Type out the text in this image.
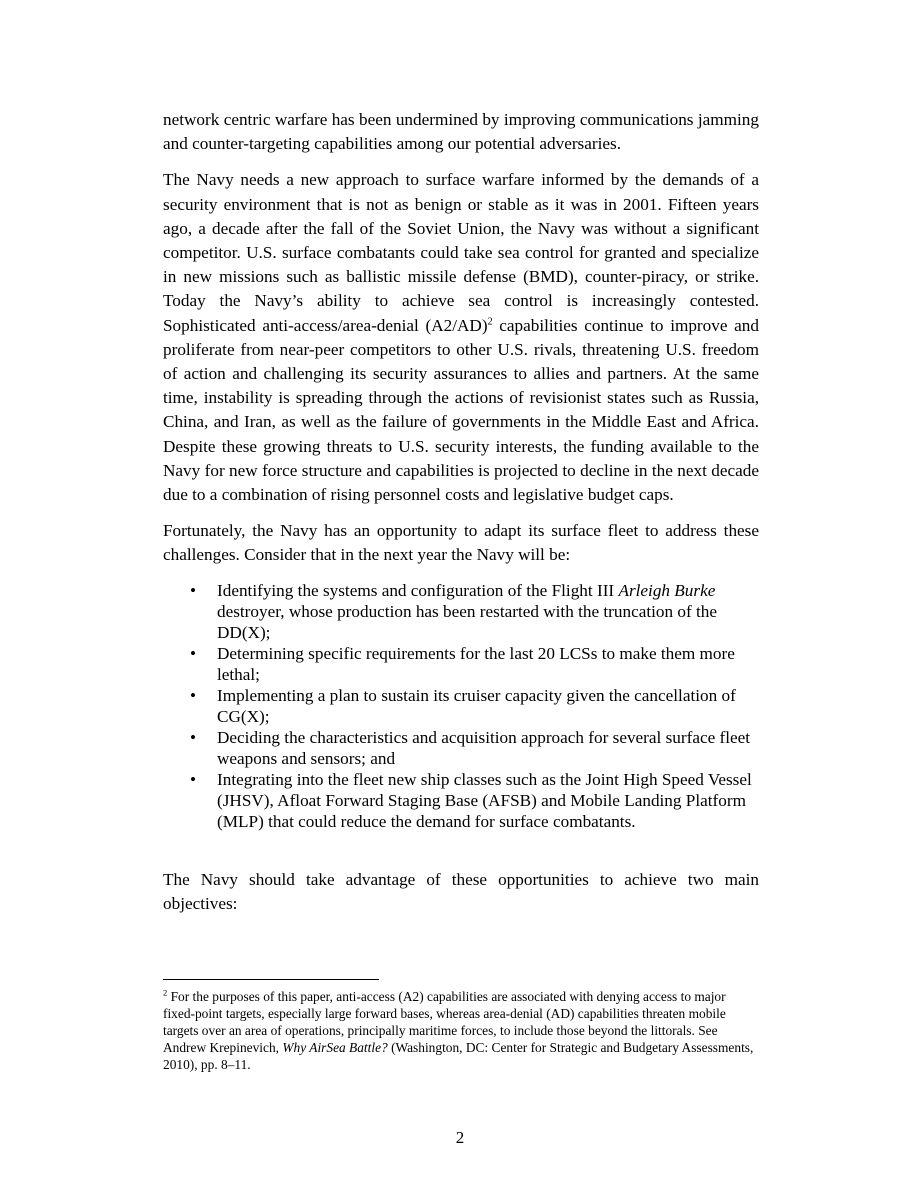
network centric warfare has been undermined by improving communications jamming and counter-targeting capabilities among our potential adversaries.

The Navy needs a new approach to surface warfare informed by the demands of a security environment that is not as benign or stable as it was in 2001. Fifteen years ago, a decade after the fall of the Soviet Union, the Navy was without a significant competitor. U.S. surface combatants could take sea control for granted and specialize in new missions such as ballistic missile defense (BMD), counter-piracy, or strike. Today the Navy’s ability to achieve sea control is increasingly contested. Sophisticated anti-access/area-denial $(A2/AD)^2$ capabilities continue to improve and proliferate from near-peer competitors to other U.S. rivals, threatening U.S. freedom of action and challenging its security assurances to allies and partners. At the same time, instability is spreading through the actions of revisionist states such as Russia, China, and Iran, as well as the failure of governments in the Middle East and Africa. Despite these growing threats to U.S. security interests, the funding available to the Navy for new force structure and capabilities is projected to decline in the next decade due to a combination of rising personnel costs and legislative budget caps.

Fortunately, the Navy has an opportunity to adapt its surface fleet to address these challenges. Consider that in the next year the Navy will be:

• Identifying the systems and configuration of the Flight III Arleigh Burke destroyer, whose production has been restarted with the truncation of the DD(X);
• Determining specific requirements for the last 20 LCSs to make them more lethal;
• Implementing a plan to sustain its cruiser capacity given the cancellation of CG(X);
• Deciding the characteristics and acquisition approach for several surface fleet weapons and sensors; and
• Integrating into the fleet new ship classes such as the Joint High Speed Vessel (JHSV), Afloat Forward Staging Base (AFSB) and Mobile Landing Platform (MLP) that could reduce the demand for surface combatants.

The Navy should take advantage of these opportunities to achieve two main objectives:

$^2$ For the purposes of this paper, anti-access (A2) capabilities are associated with denying access to major fixed-point targets, especially large forward bases, whereas area-denial (AD) capabilities threaten mobile targets over an area of operations, principally maritime forces, to include those beyond the littorals. See Andrew Krepinevich, Why AirSea Battle? (Washington, DC: Center for Strategic and Budgetary Assessments, 2010), pp. 8–11.

2
